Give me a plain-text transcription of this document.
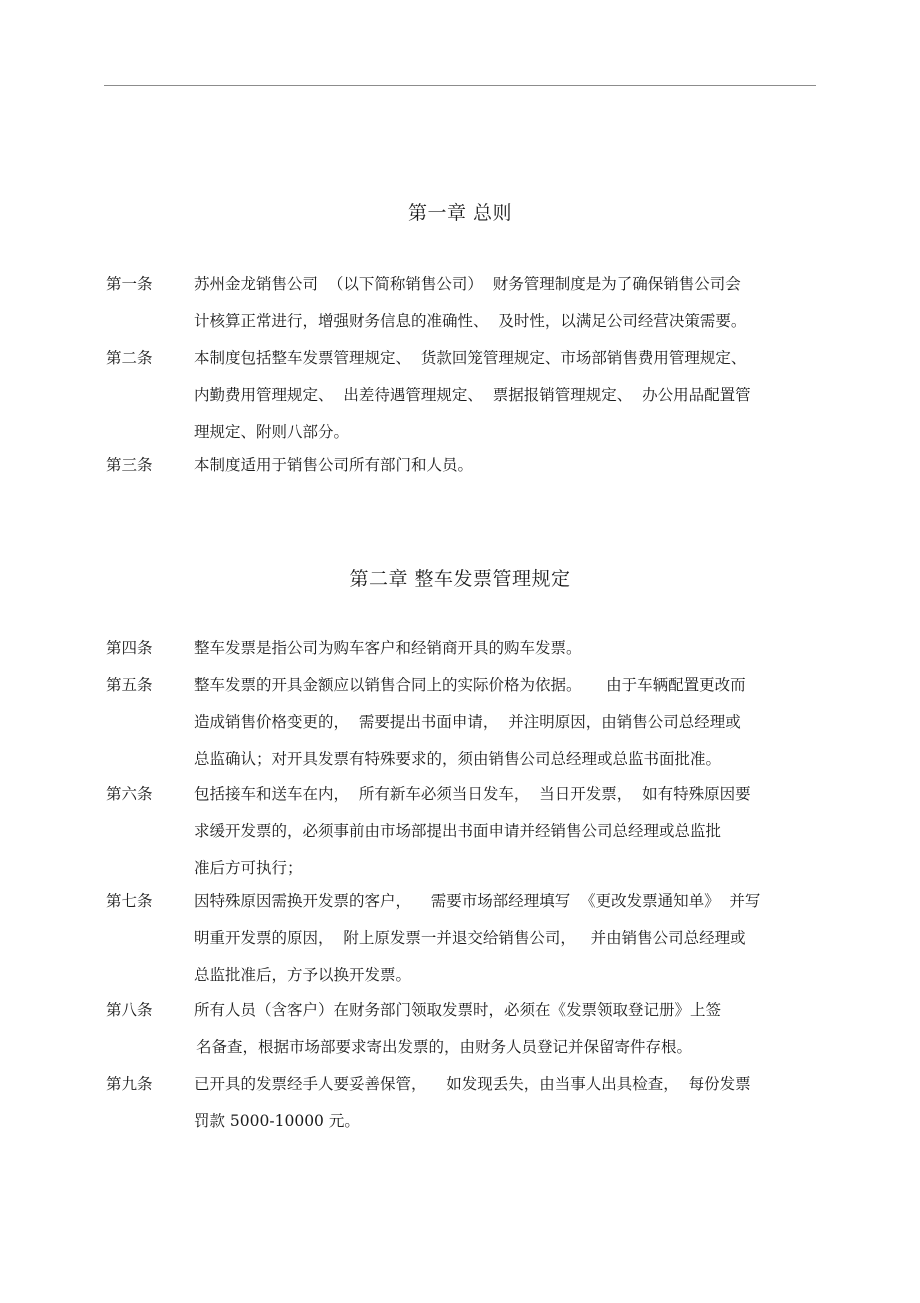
第一章 总则
第一条	苏州金龙销售公司  （以下简称销售公司）  财务管理制度是为了确保销售公司会
计核算正常进行，增强财务信息的准确性、  及时性，以满足公司经营决策需要。
第二条	本制度包括整车发票管理规定、  货款回笼管理规定、市场部销售费用管理规定、
内勤费用管理规定、  出差待遇管理规定、  票据报销管理规定、  办公用品配置管
理规定、附则八部分。
第三条	本制度适用于销售公司所有部门和人员。
第二章 整车发票管理规定
第四条	整车发票是指公司为购车客户和经销商开具的购车发票。
第五条	整车发票的开具金额应以销售合同上的实际价格为依据。     由于车辆配置更改而
造成销售价格变更的，  需要提出书面申请，  并注明原因，由销售公司总经理或
总监确认；对开具发票有特殊要求的，须由销售公司总经理或总监书面批准。
第六条	包括接车和送车在内，  所有新车必须当日发车，  当日开发票，  如有特殊原因要
求缓开发票的，必须事前由市场部提出书面申请并经销售公司总经理或总监批
准后方可执行；
第七条	因特殊原因需换开发票的客户，    需要市场部经理填写  《更改发票通知单》  并写
明重开发票的原因，  附上原发票一并退交给销售公司，   并由销售公司总经理或
总监批准后，方予以换开发票。
第八条	所有人员（含客户）在财务部门领取发票时，必须在《发票领取登记册》上签
名备查，根据市场部要求寄出发票的，由财务人员登记并保留寄件存根。
第九条	已开具的发票经手人要妥善保管，    如发现丢失，由当事人出具检查，  每份发票
罚款 5000-10000 元。
